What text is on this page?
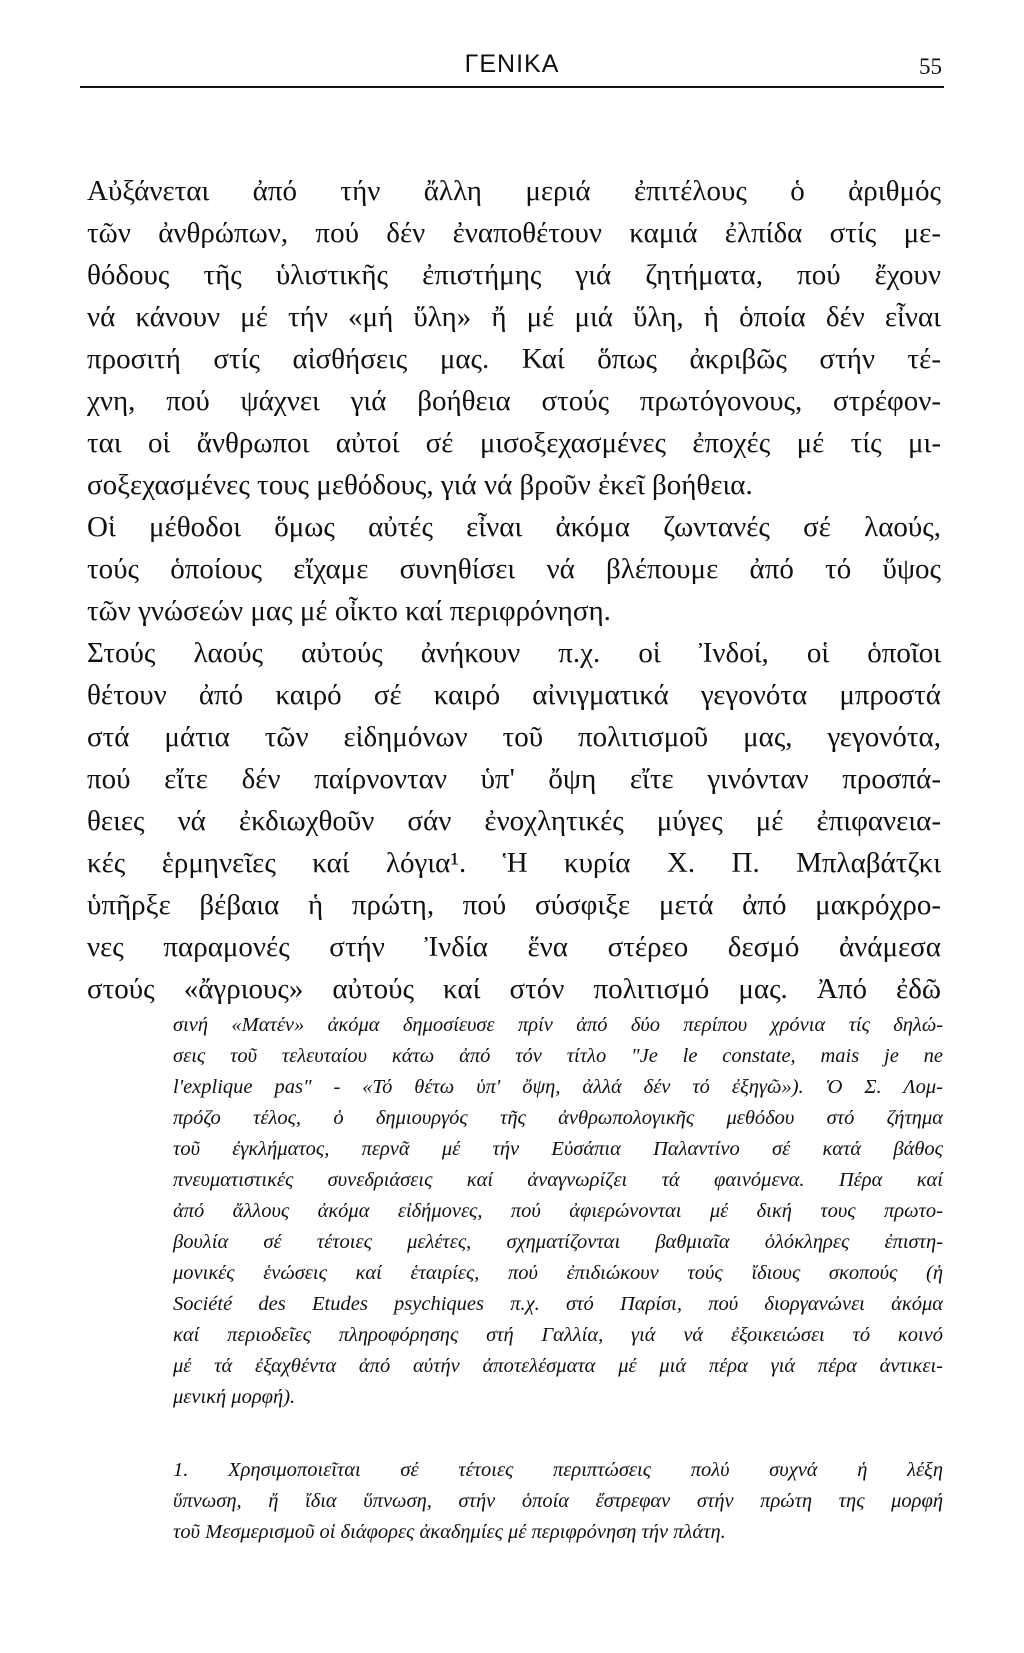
ΓΕΝΙΚΑ	55
Αὐξάνεται ἀπό τήν ἄλλη μεριά ἐπιτέλους ὁ ἀριθμός
τῶν ἀνθρώπων, πού δέν ἐναποθέτουν καμιά ἐλπίδα στίς με-
θόδους τῆς ὑλιστικῆς ἐπιστήμης γιά ζητήματα, πού ἔχουν
νά κάνουν μέ τήν «μή ὕλη» ἤ μέ μιά ὕλη, ἡ ὁποία δέν εἶναι
προσιτή στίς αἰσθήσεις μας. Καί ὅπως ἀκριβῶς στήν τέ-
χνη, πού ψάχνει γιά βοήθεια στούς πρωτόγονους, στρέφον-
ται οἱ ἄνθρωποι αὐτοί σέ μισοξεχασμένες ἐποχές μέ τίς μι-
σοξεχασμένες τους μεθόδους, γιά νά βροῦν ἐκεῖ βοήθεια.
Οἱ μέθοδοι ὅμως αὐτές εἶναι ἀκόμα ζωντανές σέ λαούς,
τούς ὁποίους εἴχαμε συνηθίσει νά βλέπουμε ἀπό τό ὕψος
τῶν γνώσεών μας μέ οἶκτο καί περιφρόνηση.
Στούς λαούς αὐτούς ἀνήκουν π.χ. οἱ Ἰνδοί, οἱ ὁποῖοι
θέτουν ἀπό καιρό σέ καιρό αἰνιγματικά γεγονότα μπροστά
στά μάτια τῶν εἰδημόνων τοῦ πολιτισμοῦ μας, γεγονότα,
πού εἴτε δέν παίρνονταν ὑπ' ὄψη εἴτε γινόνταν προσπά-
θειες νά ἐκδιωχθοῦν σάν ἐνοχλητικές μύγες μέ ἐπιφανεια-
κές ἑρμηνεῖες καί λόγια¹. Ἡ κυρία Χ. Π. Μπλαβάτζκι
ὑπῆρξε βέβαια ἡ πρώτη, πού σύσφιξε μετά ἀπό μακρόχρο-
νες παραμονές στήν Ἰνδία ἕνα στέρεο δεσμό ἀνάμεσα
στούς «ἄγριους» αὐτούς καί στόν πολιτισμό μας. Ἀπό ἐδῶ
σινή «Ματέν» ἀκόμα δημοσίευσε πρίν ἀπό δύο περίπου χρόνια τίς δηλώ-
σεις τοῦ τελευταίου κάτω ἀπό τόν τίτλο "Je le constate, mais je ne
l'explique pas" - «Τό θέτω ὑπ' ὄψη, ἀλλά δέν τό ἐξηγῶ»). Ὁ Σ. Λομ-
πρόζο τέλος, ὁ δημιουργός τῆς ἀνθρωπολογικῆς μεθόδου στό ζήτημα
τοῦ ἐγκλήματος, περνᾶ μέ τήν Εὐσάπια Παλαντίνο σέ κατά βάθος
πνευματιστικές συνεδριάσεις καί ἀναγνωρίζει τά φαινόμενα. Πέρα καί
ἀπό ἄλλους ἀκόμα εἰδήμονες, πού ἀφιερώνονται μέ δική τους πρωτο-
βουλία σέ τέτοιες μελέτες, σχηματίζονται βαθμιαῖα ὁλόκληρες ἐπιστη-
μονικές ἑνώσεις καί ἑταιρίες, πού ἐπιδιώκουν τούς ἴδιους σκοπούς (ἡ
Société des Etudes psychiques π.χ. στό Παρίσι, πού διοργανώνει ἀκόμα
καί περιοδεῖες πληροφόρησης στή Γαλλία, γιά νά ἐξοικειώσει τό κοινό
μέ τά ἐξαχθέντα ἀπό αὐτήν ἀποτελέσματα μέ μιά πέρα γιά πέρα ἀντικει-
μενική μορφή).
1. Χρησιμοποιεῖται σέ τέτοιες περιπτώσεις πολύ συχνά ἡ λέξη
ὕπνωση, ἤ ἴδια ὕπνωση, στήν ὁποία ἔστρεφαν στήν πρώτη της μορφή
τοῦ Μεσμερισμοῦ οἱ διάφορες ἀκαδημίες μέ περιφρόνηση τήν πλάτη.
